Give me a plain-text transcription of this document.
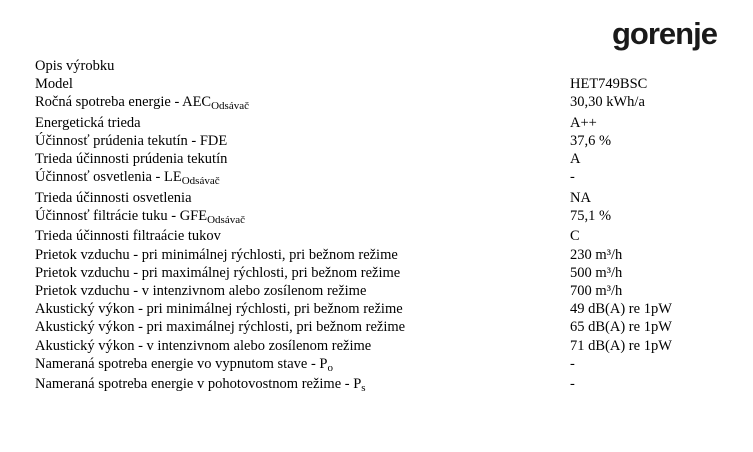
gorenje
Opis výrobku
Model	HET749BSC
Ročná spotreba energie - $AEC_{Odsávač}$	30,30 kWh/a
Energetická trieda	A++
Účinnosť prúdenia tekutín - FDE	37,6 %
Trieda účinnosti prúdenia tekutín	A
Účinnosť osvetlenia - $LE_{Odsávač}$	-
Trieda účinnosti osvetlenia	NA
Účinnosť filtrácie tuku - $GFE_{Odsávač}$	75,1 %
Trieda účinnosti filtraácie tukov	C
Prietok vzduchu - pri minimálnej rýchlosti, pri bežnom režime	230 m³/h
Prietok vzduchu - pri maximálnej rýchlosti, pri bežnom režime	500 m³/h
Prietok vzduchu - v intenzivnom alebo zosílenom režime	700 m³/h
Akustický výkon - pri minimálnej rýchlosti, pri bežnom režime	49 dB(A) re 1pW
Akustický výkon - pri maximálnej rýchlosti, pri bežnom režime	65 dB(A) re 1pW
Akustický výkon - v intenzivnom alebo zosílenom režime	71 dB(A) re 1pW
Nameraná spotreba energie vo vypnutom stave - $P_o$	-
Nameraná spotreba energie v pohotovostnom režime - $P_s$	-
